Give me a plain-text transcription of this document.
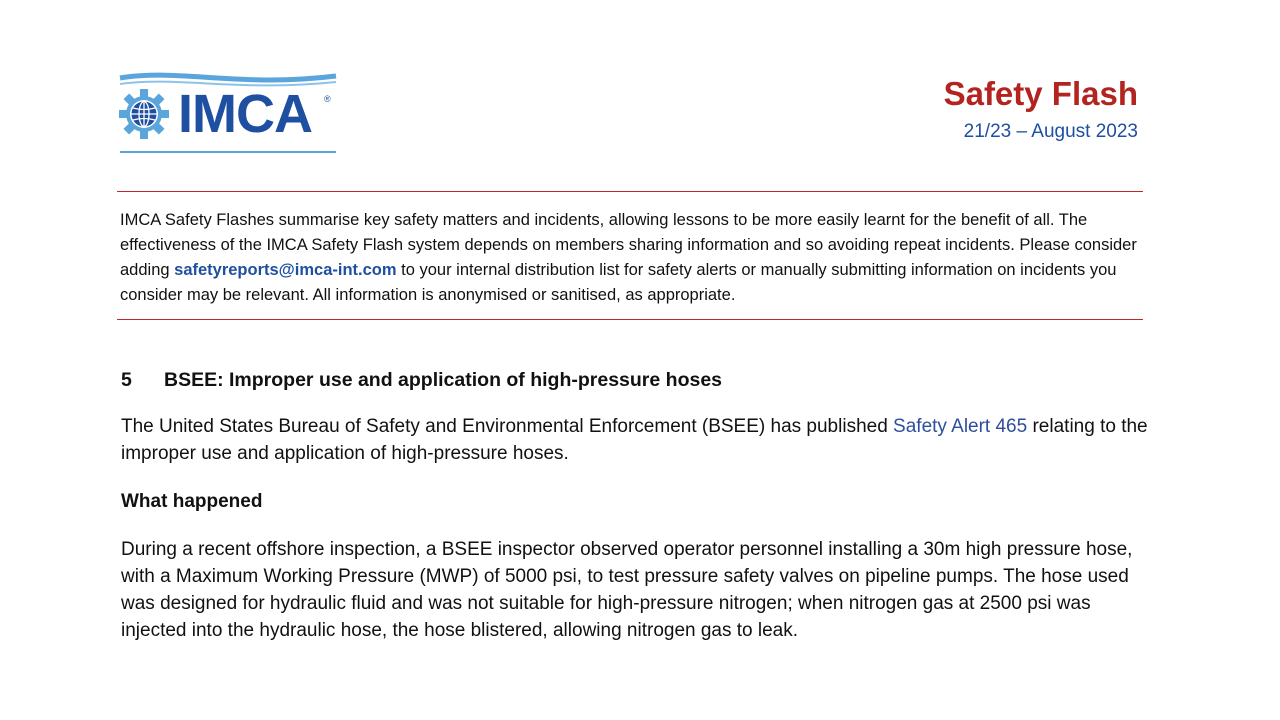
IMCA ®	Safety Flash
21/23 – August 2023
IMCA Safety Flashes summarise key safety matters and incidents, allowing lessons to be more easily learnt for the benefit of all. The effectiveness of the IMCA Safety Flash system depends on members sharing information and so avoiding repeat incidents. Please consider adding safetyreports@imca-int.com to your internal distribution list for safety alerts or manually submitting information on incidents you consider may be relevant. All information is anonymised or sanitised, as appropriate.
5 BSEE: Improper use and application of high-pressure hoses
The United States Bureau of Safety and Environmental Enforcement (BSEE) has published Safety Alert 465 relating to the improper use and application of high-pressure hoses.
What happened
During a recent offshore inspection, a BSEE inspector observed operator personnel installing a 30m high pressure hose, with a Maximum Working Pressure (MWP) of 5000 psi, to test pressure safety valves on pipeline pumps. The hose used was designed for hydraulic fluid and was not suitable for high-pressure nitrogen; when nitrogen gas at 2500 psi was injected into the hydraulic hose, the hose blistered, allowing nitrogen gas to leak.
